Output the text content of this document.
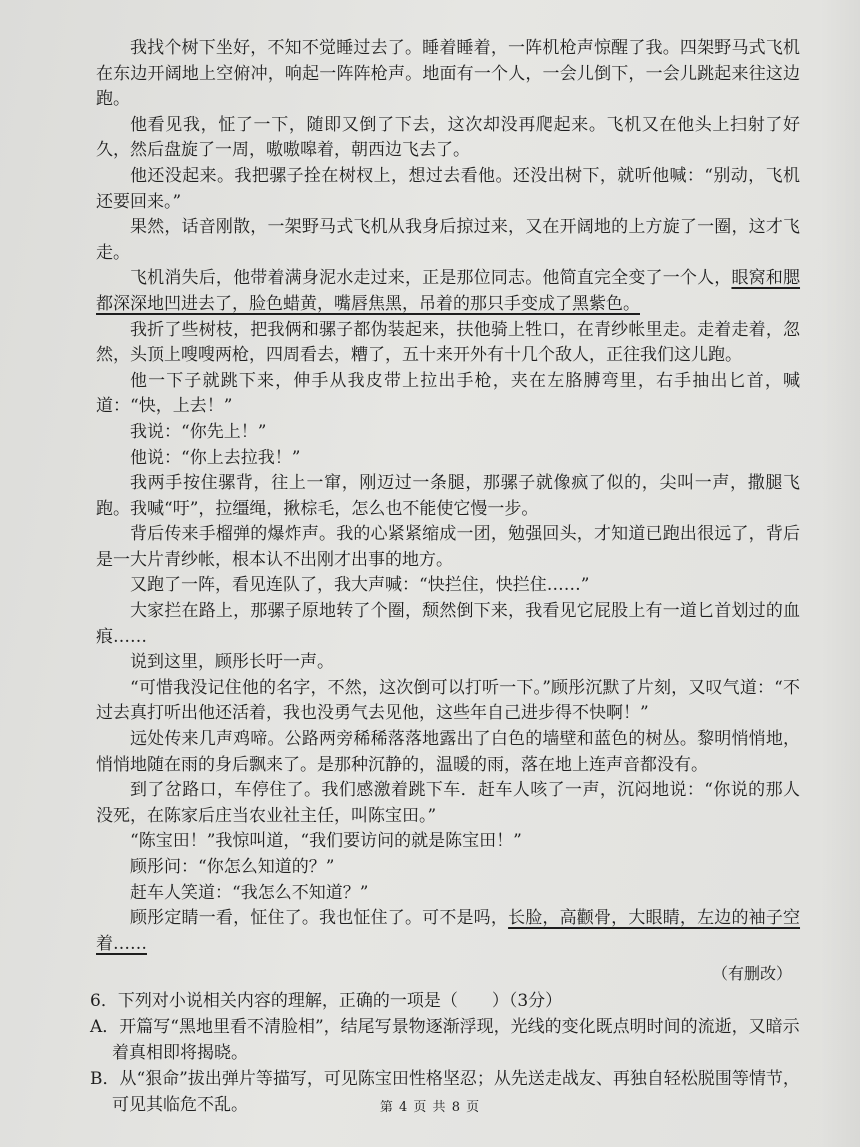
我找个树下坐好，不知不觉睡过去了。睡着睡着，一阵机枪声惊醒了我。四架野马式飞机在东边开阔地上空俯冲，响起一阵阵枪声。地面有一个人，一会儿倒下，一会儿跳起来往这边跑。

他看见我，怔了一下，随即又倒了下去，这次却没再爬起来。飞机又在他头上扫射了好久，然后盘旋了一周，嗷嗷嗥着，朝西边飞去了。

他还没起来。我把骡子拴在树杈上，想过去看他。还没出树下，就听他喊：“别动，飞机还要回来。”

果然，话音刚散，一架野马式飞机从我身后掠过来，又在开阔地的上方旋了一圈，这才飞走。

飞机消失后，他带着满身泥水走过来，正是那位同志。他简直完全变了一个人，眼窝和腮都深深地凹进去了，脸色蜡黄，嘴唇焦黑，吊着的那只手变成了黑紫色。

我折了些树枝，把我俩和骡子都伪装起来，扶他骑上牲口，在青纱帐里走。走着走着，忽然，头顶上嗖嗖两枪，四周看去，糟了，五十来开外有十几个敌人，正往我们这儿跑。

他一下子就跳下来，伸手从我皮带上拉出手枪，夹在左胳膊弯里，右手抽出匕首，喊道：“快，上去！”

我说：“你先上！”

他说：“你上去拉我！”

我两手按住骡背，往上一窜，刚迈过一条腿，那骡子就像疯了似的，尖叫一声，撒腿飞跑。我喊“吁”，拉缰绳，揪棕毛，怎么也不能使它慢一步。

背后传来手榴弹的爆炸声。我的心紧紧缩成一团，勉强回头，才知道已跑出很远了，背后是一大片青纱帐，根本认不出刚才出事的地方。

又跑了一阵，看见连队了，我大声喊：“快拦住，快拦住……”

大家拦在路上，那骡子原地转了个圈，颓然倒下来，我看见它屁股上有一道匕首划过的血痕……

说到这里，顾彤长吁一声。

“可惜我没记住他的名字，不然，这次倒可以打听一下。”顾彤沉默了片刻，又叹气道：“不过去真打听出他还活着，我也没勇气去见他，这些年自己进步得不快啊！”

远处传来几声鸡啼。公路两旁稀稀落落地露出了白色的墙壁和蓝色的树丛。黎明悄悄地，悄悄地随在雨的身后飘来了。是那种沉静的，温暖的雨，落在地上连声音都没有。

到了岔路口，车停住了。我们感激着跳下车．赶车人咳了一声，沉闷地说：“你说的那人没死，在陈家后庄当农业社主任，叫陈宝田。”

“陈宝田！”我惊叫道，“我们要访问的就是陈宝田！”

顾彤问：“你怎么知道的？”

赶车人笑道：“我怎么不知道？”

顾彤定睛一看，怔住了。我也怔住了。可不是吗，长脸，高颧骨，大眼睛，左边的袖子空着……

（有删改）

6．下列对小说相关内容的理解，正确的一项是（　　）（3分）

A．开篇写“黑地里看不清脸相”，结尾写景物逐渐浮现，光线的变化既点明时间的流逝，又暗示着真相即将揭晓。

B．从“狠命”拔出弹片等描写，可见陈宝田性格坚忍；从先送走战友、再独自轻松脱围等情节，可见其临危不乱。	第 4 页 共 8 页
